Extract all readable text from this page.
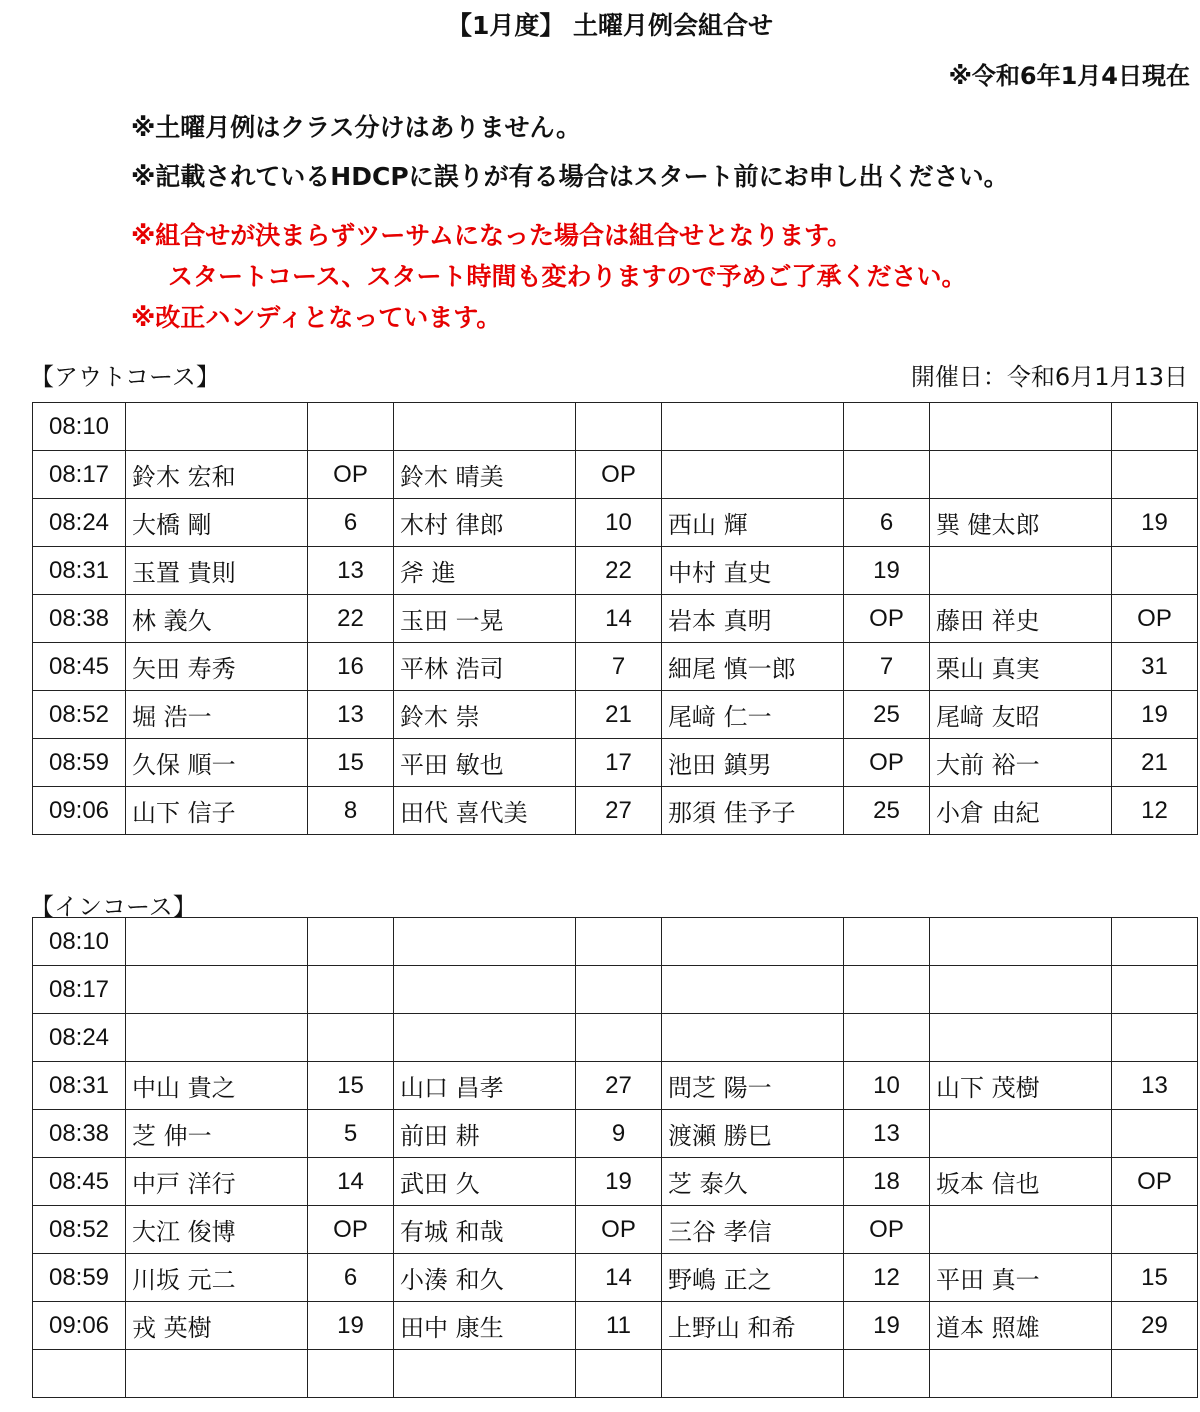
【1月度】 土曜月例会組合せ
※令和6年1月4日現在
※土曜月例はクラス分けはありません。
※記載されているHDCPに誤りが有る場合はスタート前にお申し出ください。
※組合せが決まらずツーサムになった場合は組合せとなります。
スタートコース、スタート時間も変わりますので予めご了承ください。
※改正ハンディとなっています。
【アウトコース】	開催日：令和6月1月13日
08:10								
08:17	鈴木 宏和	OP	鈴木 晴美	OP				
08:24	大橋 剛	6	木村 律郎	10	西山 輝	6	巽 健太郎	19
08:31	玉置 貴則	13	斧 進	22	中村 直史	19		
08:38	林 義久	22	玉田 一晃	14	岩本 真明	OP	藤田 祥史	OP
08:45	矢田 寿秀	16	平林 浩司	7	細尾 慎一郎	7	栗山 真実	31
08:52	堀 浩一	13	鈴木 崇	21	尾﨑 仁一	25	尾﨑 友昭	19
08:59	久保 順一	15	平田 敏也	17	池田 鎮男	OP	大前 裕一	21
09:06	山下 信子	8	田代 喜代美	27	那須 佳予子	25	小倉 由紀	12
【インコース】
08:10								
08:17								
08:24								
08:31	中山 貴之	15	山口 昌孝	27	問芝 陽一	10	山下 茂樹	13
08:38	芝 伸一	5	前田 耕	9	渡瀬 勝巳	13		
08:45	中戸 洋行	14	武田 久	19	芝 泰久	18	坂本 信也	OP
08:52	大江 俊博	OP	有城 和哉	OP	三谷 孝信	OP		
08:59	川坂 元二	6	小湊 和久	14	野嶋 正之	12	平田 真一	15
09:06	戎 英樹	19	田中 康生	11	上野山 和希	19	道本 照雄	29
